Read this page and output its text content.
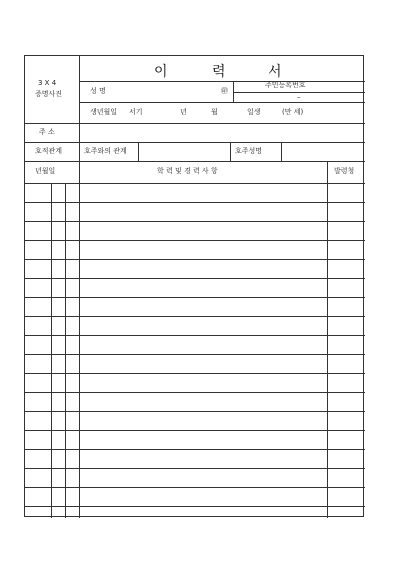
이	력	서
3 X 4
증명사진	성 명	㊞
주민등록번호
–
생년월일 서기	년	월	일생	(만 세)
주 소
호적관계	호주와의 관계	호주성명
년월일	학 력 및 경 력 사 항	발령청
